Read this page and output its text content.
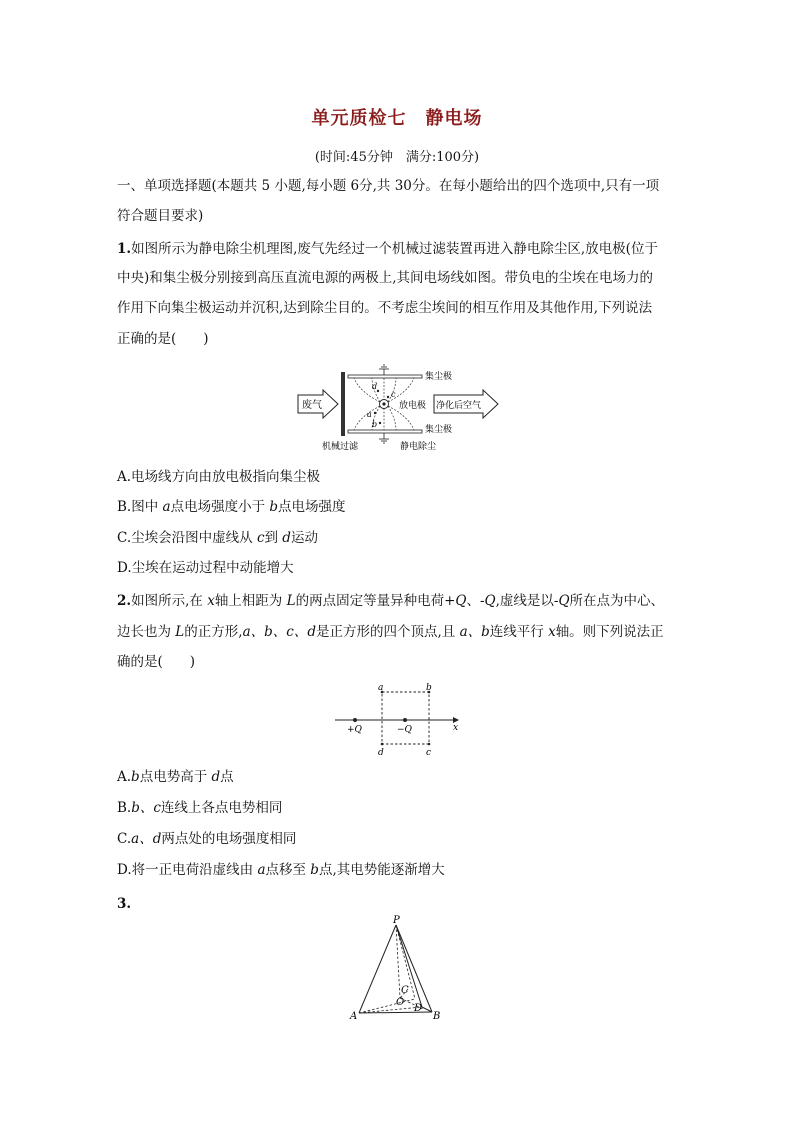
单元质检七　静电场
(时间:45分钟　满分:100分)
一、单项选择题(本题共 5 小题,每小题 6分,共 30分。在每小题给出的四个选项中,只有一项
符合题目要求)
1.如图所示为静电除尘机理图,废气先经过一个机械过滤装置再进入静电除尘区,放电极(位于
中央)和集尘极分别接到高压直流电源的两极上,其间电场线如图。带负电的尘埃在电场力的
作用下向集尘极运动并沉积,达到除尘目的。不考虑尘埃间的相互作用及其他作用,下列说法
正确的是(　　)
废气
机械过滤
d
c
a
b
集尘极
放电极
集尘极
静电除尘
净化后空气
A.电场线方向由放电极指向集尘极
B.图中 a点电场强度小于 b点电场强度
C.尘埃会沿图中虚线从 c到 d运动
D.尘埃在运动过程中动能增大
2.如图所示,在 x轴上相距为 L的两点固定等量异种电荷+Q、-Q,虚线是以-Q所在点为中心、
边长也为 L的正方形,a、b、c、d是正方形的四个顶点,且 a、b连线平行 x轴。则下列说法正
确的是(　　)
x
a	b
d	c
+Q	−Q
A.b点电势高于 d点
B.b、c连线上各点电势相同
C.a、d两点处的电场强度相同
D.将一正电荷沿虚线由 a点移至 b点,其电势能逐渐增大
3.
P
A	B
C
O
D
